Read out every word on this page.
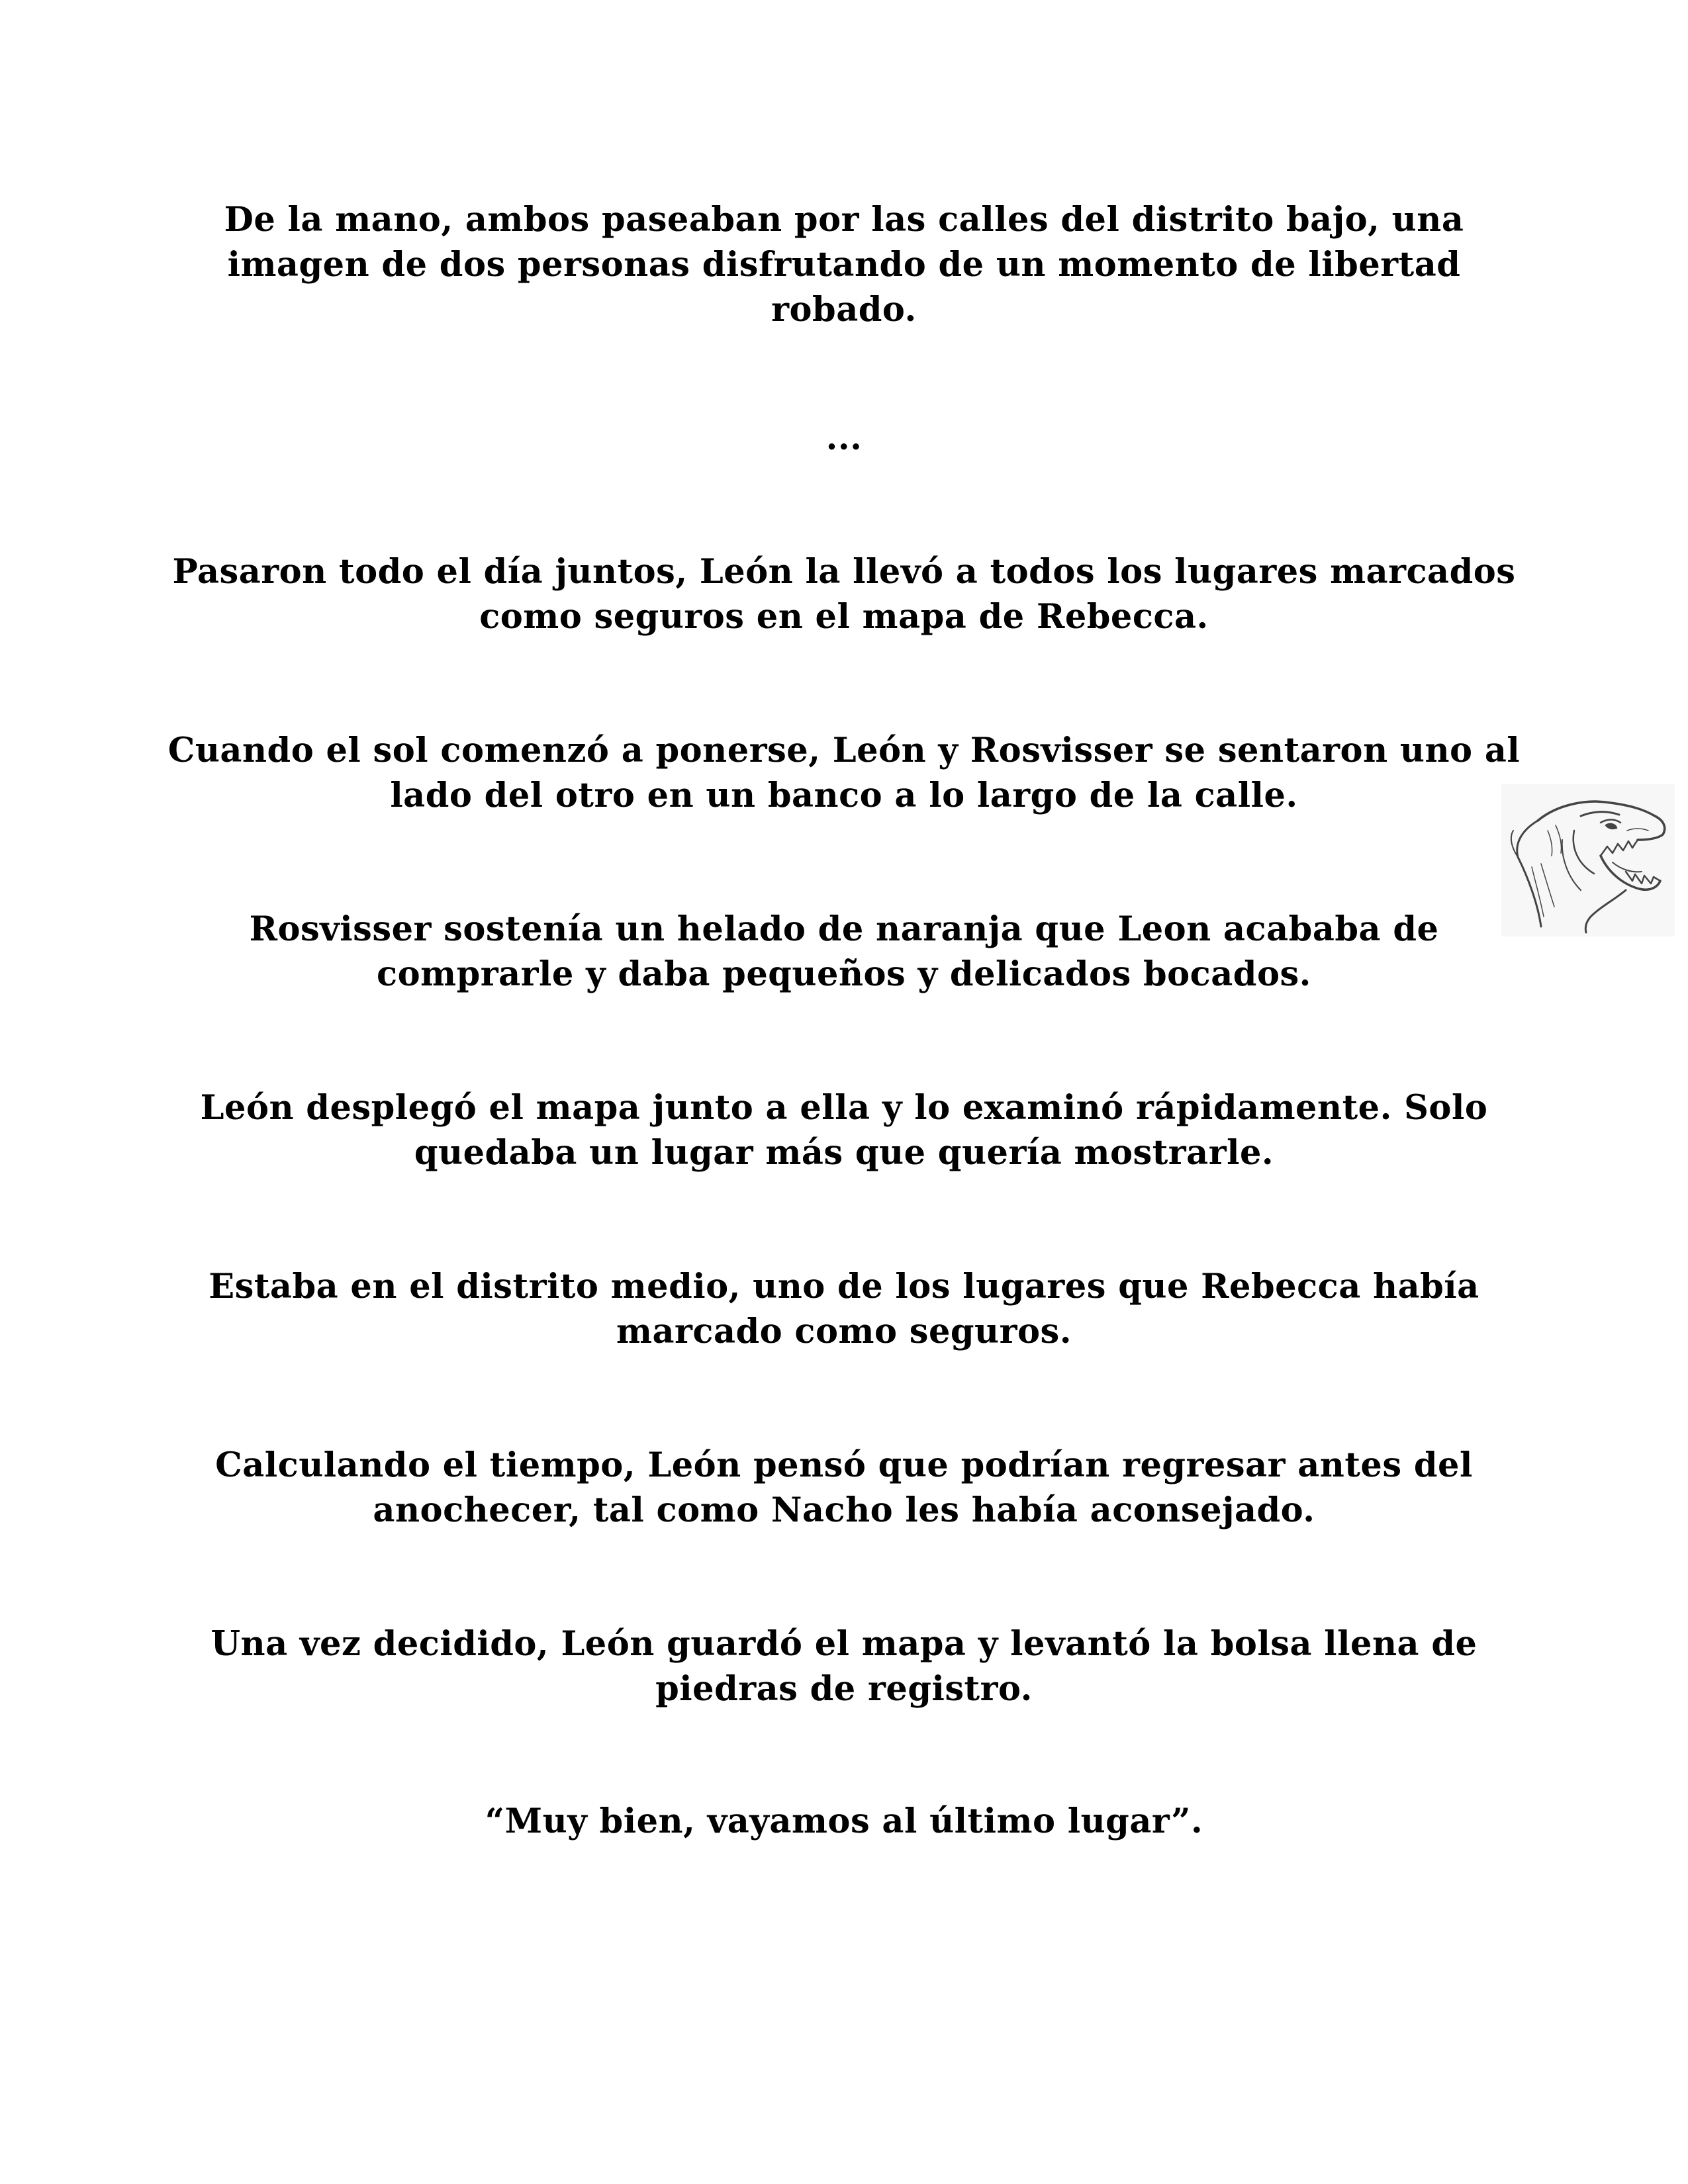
De la mano, ambos paseaban por las calles del distrito bajo, una imagen de dos personas disfrutando de un momento de libertad robado.

...

Pasaron todo el día juntos, León la llevó a todos los lugares marcados como seguros en el mapa de Rebecca.

Cuando el sol comenzó a ponerse, León y Rosvisser se sentaron uno al lado del otro en un banco a lo largo de la calle.

Rosvisser sostenía un helado de naranja que Leon acababa de comprarle y daba pequeños y delicados bocados.

León desplegó el mapa junto a ella y lo examinó rápidamente. Solo quedaba un lugar más que quería mostrarle.

Estaba en el distrito medio, uno de los lugares que Rebecca había marcado como seguros.

Calculando el tiempo, León pensó que podrían regresar antes del anochecer, tal como Nacho les había aconsejado.

Una vez decidido, León guardó el mapa y levantó la bolsa llena de piedras de registro.

“Muy bien, vayamos al último lugar”.
